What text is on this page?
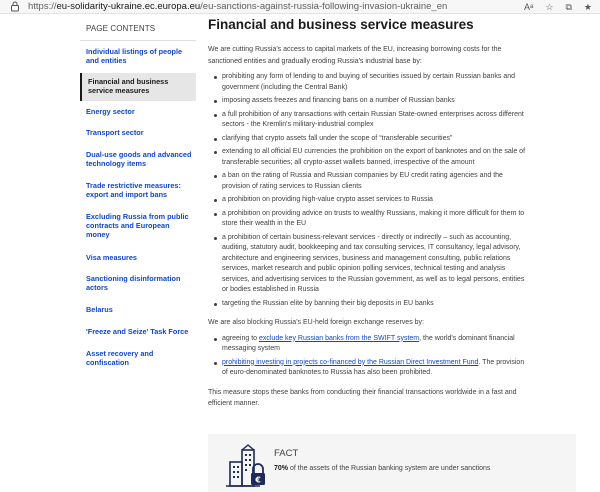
https://eu-solidarity-ukraine.ec.europa.eu/eu-sanctions-against-russia-following-invasion-ukraine_en	Aᵃ ☆ ⧉ ★
PAGE CONTENTS
Individual listings of people and entities
Financial and business service measures
Energy sector
Transport sector
Dual-use goods and advanced technology items
Trade restrictive measures: export and import bans
Excluding Russia from public contracts and European money
Visa measures
Sanctioning disinformation actors
Belarus
'Freeze and Seize' Task Force
Asset recovery and confiscation
Financial and business service measures

We are cutting Russia's access to capital markets of the EU, increasing borrowing costs for the sanctioned entities and gradually eroding Russia's industrial base by:

prohibiting any form of lending to and buying of securities issued by certain Russian banks and government (including the Central Bank)
imposing assets freezes and financing bans on a number of Russian banks
a full prohibition of any transactions with certain Russian State-owned enterprises across different sectors - the Kremlin's military-industrial complex
clarifying that crypto assets fall under the scope of “transferable securities”
extending to all official EU currencies the prohibition on the export of banknotes and on the sale of transferable securities; all crypto-asset wallets banned, irrespective of the amount
a ban on the rating of Russia and Russian companies by EU credit rating agencies and the provision of rating services to Russian clients
a prohibition on providing high-value crypto asset services to Russia
a prohibition on providing advice on trusts to wealthy Russians, making it more difficult for them to store their wealth in the EU
a prohibition of certain business-relevant services - directly or indirectly – such as accounting, auditing, statutory audit, bookkeeping and tax consulting services, IT consultancy, legal advisory, architecture and engineering services, business and management consulting, public relations services, market research and public opinion polling services, technical testing and analysis services, and advertising services to the Russian government, as well as to legal persons, entities or bodies established in Russia
targeting the Russian elite by banning their big deposits in EU banks

We are also blocking Russia's EU-held foreign exchange reserves by:

agreeing to exclude key Russian banks from the SWIFT system, the world's dominant financial messaging system
prohibiting investing in projects co-financed by the Russian Direct Investment Fund. The provision of euro-denominated banknotes to Russia has also been prohibited.

This measure stops these banks from conducting their financial transactions worldwide in a fast and efficient manner.

€
FACT
70% of the assets of the Russian banking system are under sanctions
